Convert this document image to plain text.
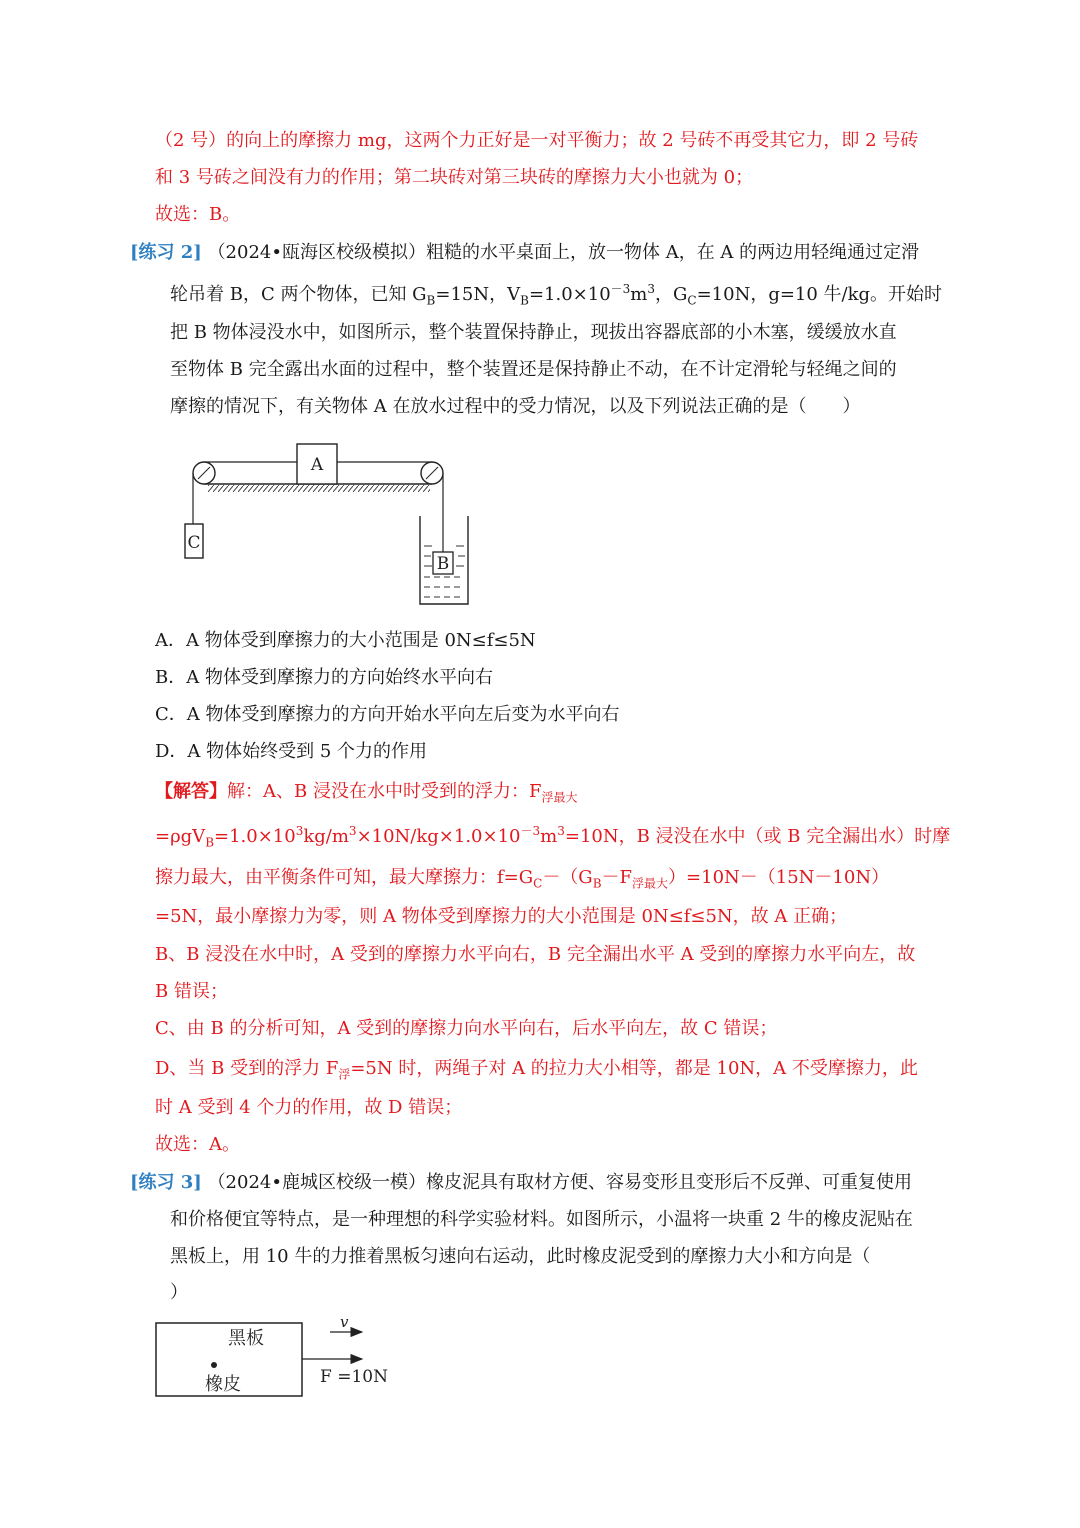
（2 号）的向上的摩擦力 mg，这两个力正好是一对平衡力；故 2 号砖不再受其它力，即 2 号砖
和 3 号砖之间没有力的作用；第二块砖对第三块砖的摩擦力大小也就为 0；
故选：B。
[练习 2] （2024•瓯海区校级模拟）粗糙的水平桌面上，放一物体 A，在 A 的两边用轻绳通过定滑
轮吊着 B，C 两个物体，已知 $G_B=15N$，$V_B=1.0\times 10^{-3}m^3$，$G_C=10N$，g=10 牛/kg。开始时
把 B 物体浸没水中，如图所示，整个装置保持静止，现拔出容器底部的小木塞，缓缓放水直
至物体 B 完全露出水面的过程中，整个装置还是保持静止不动，在不计定滑轮与轻绳之间的
摩擦的情况下，有关物体 A 在放水过程中的受力情况，以及下列说法正确的是（　　）
A
C
B
A．A 物体受到摩擦力的大小范围是 0N≤f≤5N
B．A 物体受到摩擦力的方向始终水平向右
C．A 物体受到摩擦力的方向开始水平向左后变为水平向右
D．A 物体始终受到 5 个力的作用
【解答】解：A、B 浸没在水中时受到的浮力：$F_{浮最大}$
$=\rho gV_B=1.0\times 10^3kg/m^3\times 10N/kg\times 1.0\times 10^{-3}m^3=10N$，B 浸没在水中（或 B 完全漏出水）时摩
擦力最大，由平衡条件可知，最大摩擦力：$f=G_C-(G_B-F_{浮最大})=10N-(15N-10N)$
=5N，最小摩擦力为零，则 A 物体受到摩擦力的大小范围是 0N≤f≤5N，故 A 正确；
B、B 浸没在水中时，A 受到的摩擦力水平向右，B 完全漏出水平 A 受到的摩擦力水平向左，故
B 错误；
C、由 B 的分析可知，A 受到的摩擦力向水平向右，后水平向左，故 C 错误；
D、当 B 受到的浮力 $F_浮=5N$ 时，两绳子对 A 的拉力大小相等，都是 10N，A 不受摩擦力，此
时 A 受到 4 个力的作用，故 D 错误；
故选：A。
[练习 3] （2024•鹿城区校级一模）橡皮泥具有取材方便、容易变形且变形后不反弹、可重复使用
和价格便宜等特点，是一种理想的科学实验材料。如图所示，小温将一块重 2 牛的橡皮泥贴在
黑板上，用 10 牛的力推着黑板匀速向右运动，此时橡皮泥受到的摩擦力大小和方向是（
）
黑板
橡皮
v
F =10N
